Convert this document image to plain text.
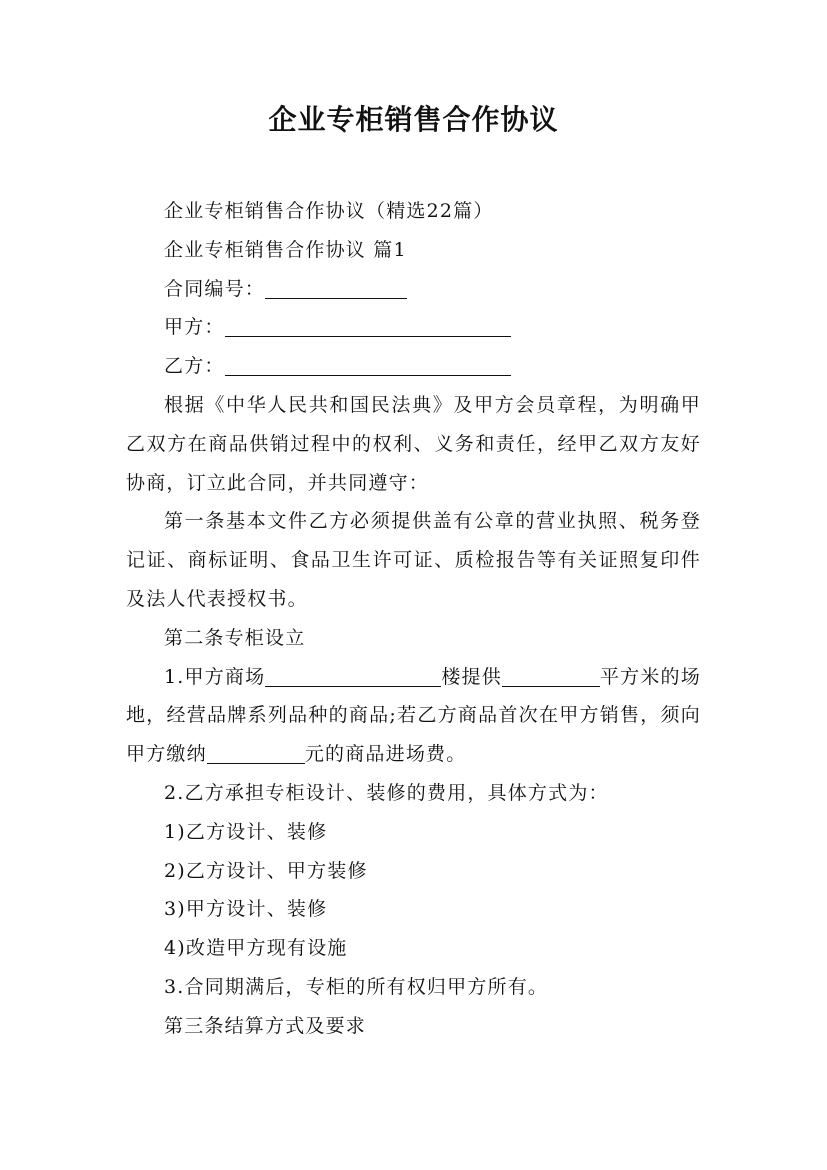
企业专柜销售合作协议

企业专柜销售合作协议（精选22篇）

企业专柜销售合作协议 篇1

合同编号：

甲方：

乙方：

根据《中华人民共和国民法典》及甲方会员章程，为明确甲乙双方在商品供销过程中的权利、义务和责任，经甲乙双方友好协商，订立此合同，并共同遵守：

第一条基本文件乙方必须提供盖有公章的营业执照、税务登记证、商标证明、食品卫生许可证、质检报告等有关证照复印件及法人代表授权书。

第二条专柜设立

1.甲方商场	楼提供	平方米的场地，经营品牌系列品种的商品;若乙方商品首次在甲方销售，须向甲方缴纳	元的商品进场费。

2.乙方承担专柜设计、装修的费用，具体方式为：

1)乙方设计、装修

2)乙方设计、甲方装修

3)甲方设计、装修

4)改造甲方现有设施

3.合同期满后，专柜的所有权归甲方所有。

第三条结算方式及要求
